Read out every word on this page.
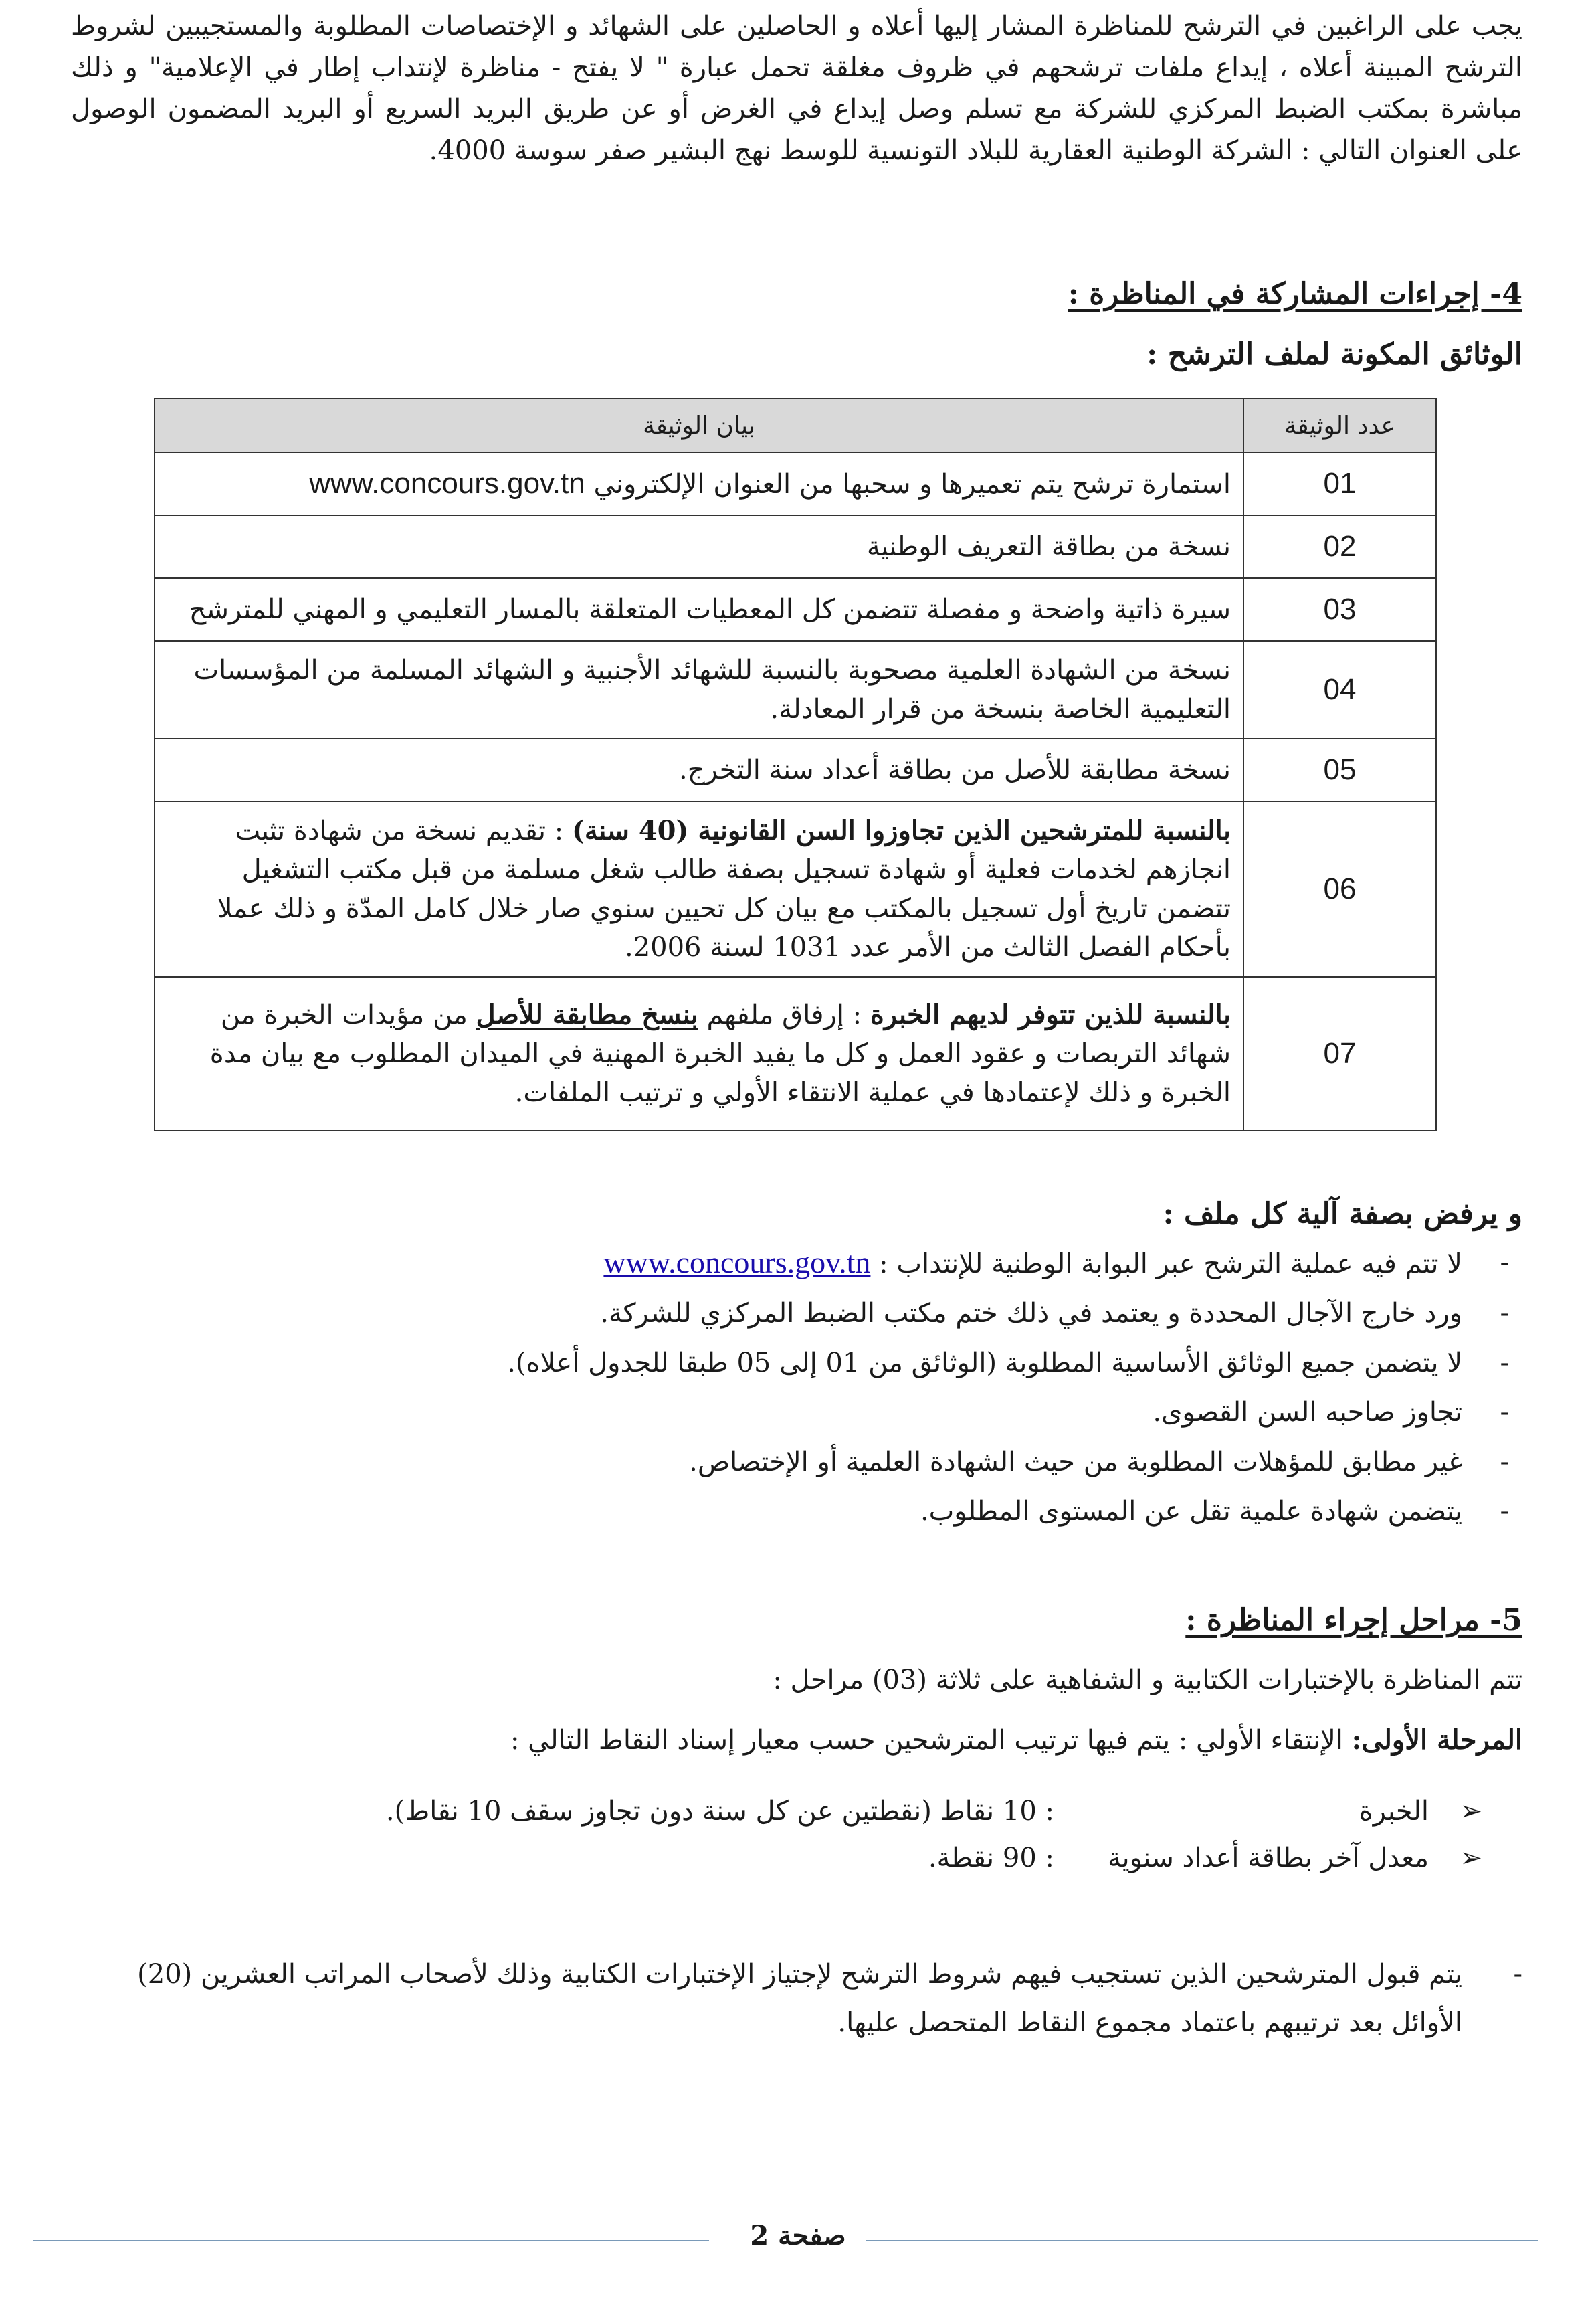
يجب على الراغبين في الترشح للمناظرة المشار إليها أعلاه و الحاصلين على الشهائد و الإختصاصات المطلوبة والمستجيبين لشروط الترشح المبينة أعلاه ، إيداع ملفات ترشحهم في ظروف مغلقة تحمل عبارة " لا يفتح - مناظرة لإنتداب إطار في الإعلامية" و ذلك مباشرة بمكتب الضبط المركزي للشركة مع تسلم وصل إيداع في الغرض أو عن طريق البريد السريع أو البريد المضمون الوصول على العنوان التالي : الشركة الوطنية العقارية للبلاد التونسية للوسط نهج البشير صفر سوسة 4000.

4- إجراءات المشاركة في المناظرة :
الوثائق المكونة لملف الترشح :
عدد الوثيقة	بيان الوثيقة
01	استمارة ترشح يتم تعميرها و سحبها من العنوان الإلكتروني www.concours.gov.tn
02	نسخة من بطاقة التعريف الوطنية
03	سيرة ذاتية واضحة و مفصلة تتضمن كل المعطيات المتعلقة بالمسار التعليمي و المهني للمترشح
04	نسخة من الشهادة العلمية مصحوبة بالنسبة للشهائد الأجنبية و الشهائد المسلمة من المؤسسات التعليمية الخاصة بنسخة من قرار المعادلة.
05	نسخة مطابقة للأصل من بطاقة أعداد سنة التخرج.
06	بالنسبة للمترشحين الذين تجاوزوا السن القانونية (40 سنة) : تقديم نسخة من شهادة تثبت انجازهم لخدمات فعلية أو شهادة تسجيل بصفة طالب شغل مسلمة من قبل مكتب التشغيل تتضمن تاريخ أول تسجيل بالمكتب مع بيان كل تحيين سنوي صار خلال كامل المدّة و ذلك عملا بأحكام الفصل الثالث من الأمر عدد 1031 لسنة 2006.
07	بالنسبة للذين تتوفر لديهم الخبرة : إرفاق ملفهم بنسخ مطابقة للأصل من مؤيدات الخبرة من شهائد التربصات و عقود العمل و كل ما يفيد الخبرة المهنية في الميدان المطلوب مع بيان مدة الخبرة و ذلك لإعتمادها في عملية الانتقاء الأولي و ترتيب الملفات.
و يرفض بصفة آلية كل ملف :
- لا تتم فيه عملية الترشح عبر البوابة الوطنية للإنتداب : www.concours.gov.tn
- ورد خارج الآجال المحددة و يعتمد في ذلك ختم مكتب الضبط المركزي للشركة.
- لا يتضمن جميع الوثائق الأساسية المطلوبة (الوثائق من 01 إلى 05 طبقا للجدول أعلاه).
- تجاوز صاحبه السن القصوى.
- غير مطابق للمؤهلات المطلوبة من حيث الشهادة العلمية أو الإختصاص.
- يتضمن شهادة علمية تقل عن المستوى المطلوب.
5- مراحل إجراء المناظرة :
تتم المناظرة بالإختبارات الكتابية و الشفاهية على ثلاثة (03) مراحل :
المرحلة الأولى: الإنتقاء الأولي : يتم فيها ترتيب المترشحين حسب معيار إسناد النقاط التالي :
➢الخبرة: 10 نقاط (نقطتين عن كل سنة دون تجاوز سقف 10 نقاط).
➢معدل آخر بطاقة أعداد سنوية: 90 نقطة.
- يتم قبول المترشحين الذين تستجيب فيهم شروط الترشح لإجتياز الإختبارات الكتابية وذلك لأصحاب المراتب العشرين (20) الأوائل بعد ترتيبهم باعتماد مجموع النقاط المتحصل عليها.
صفحة 2
